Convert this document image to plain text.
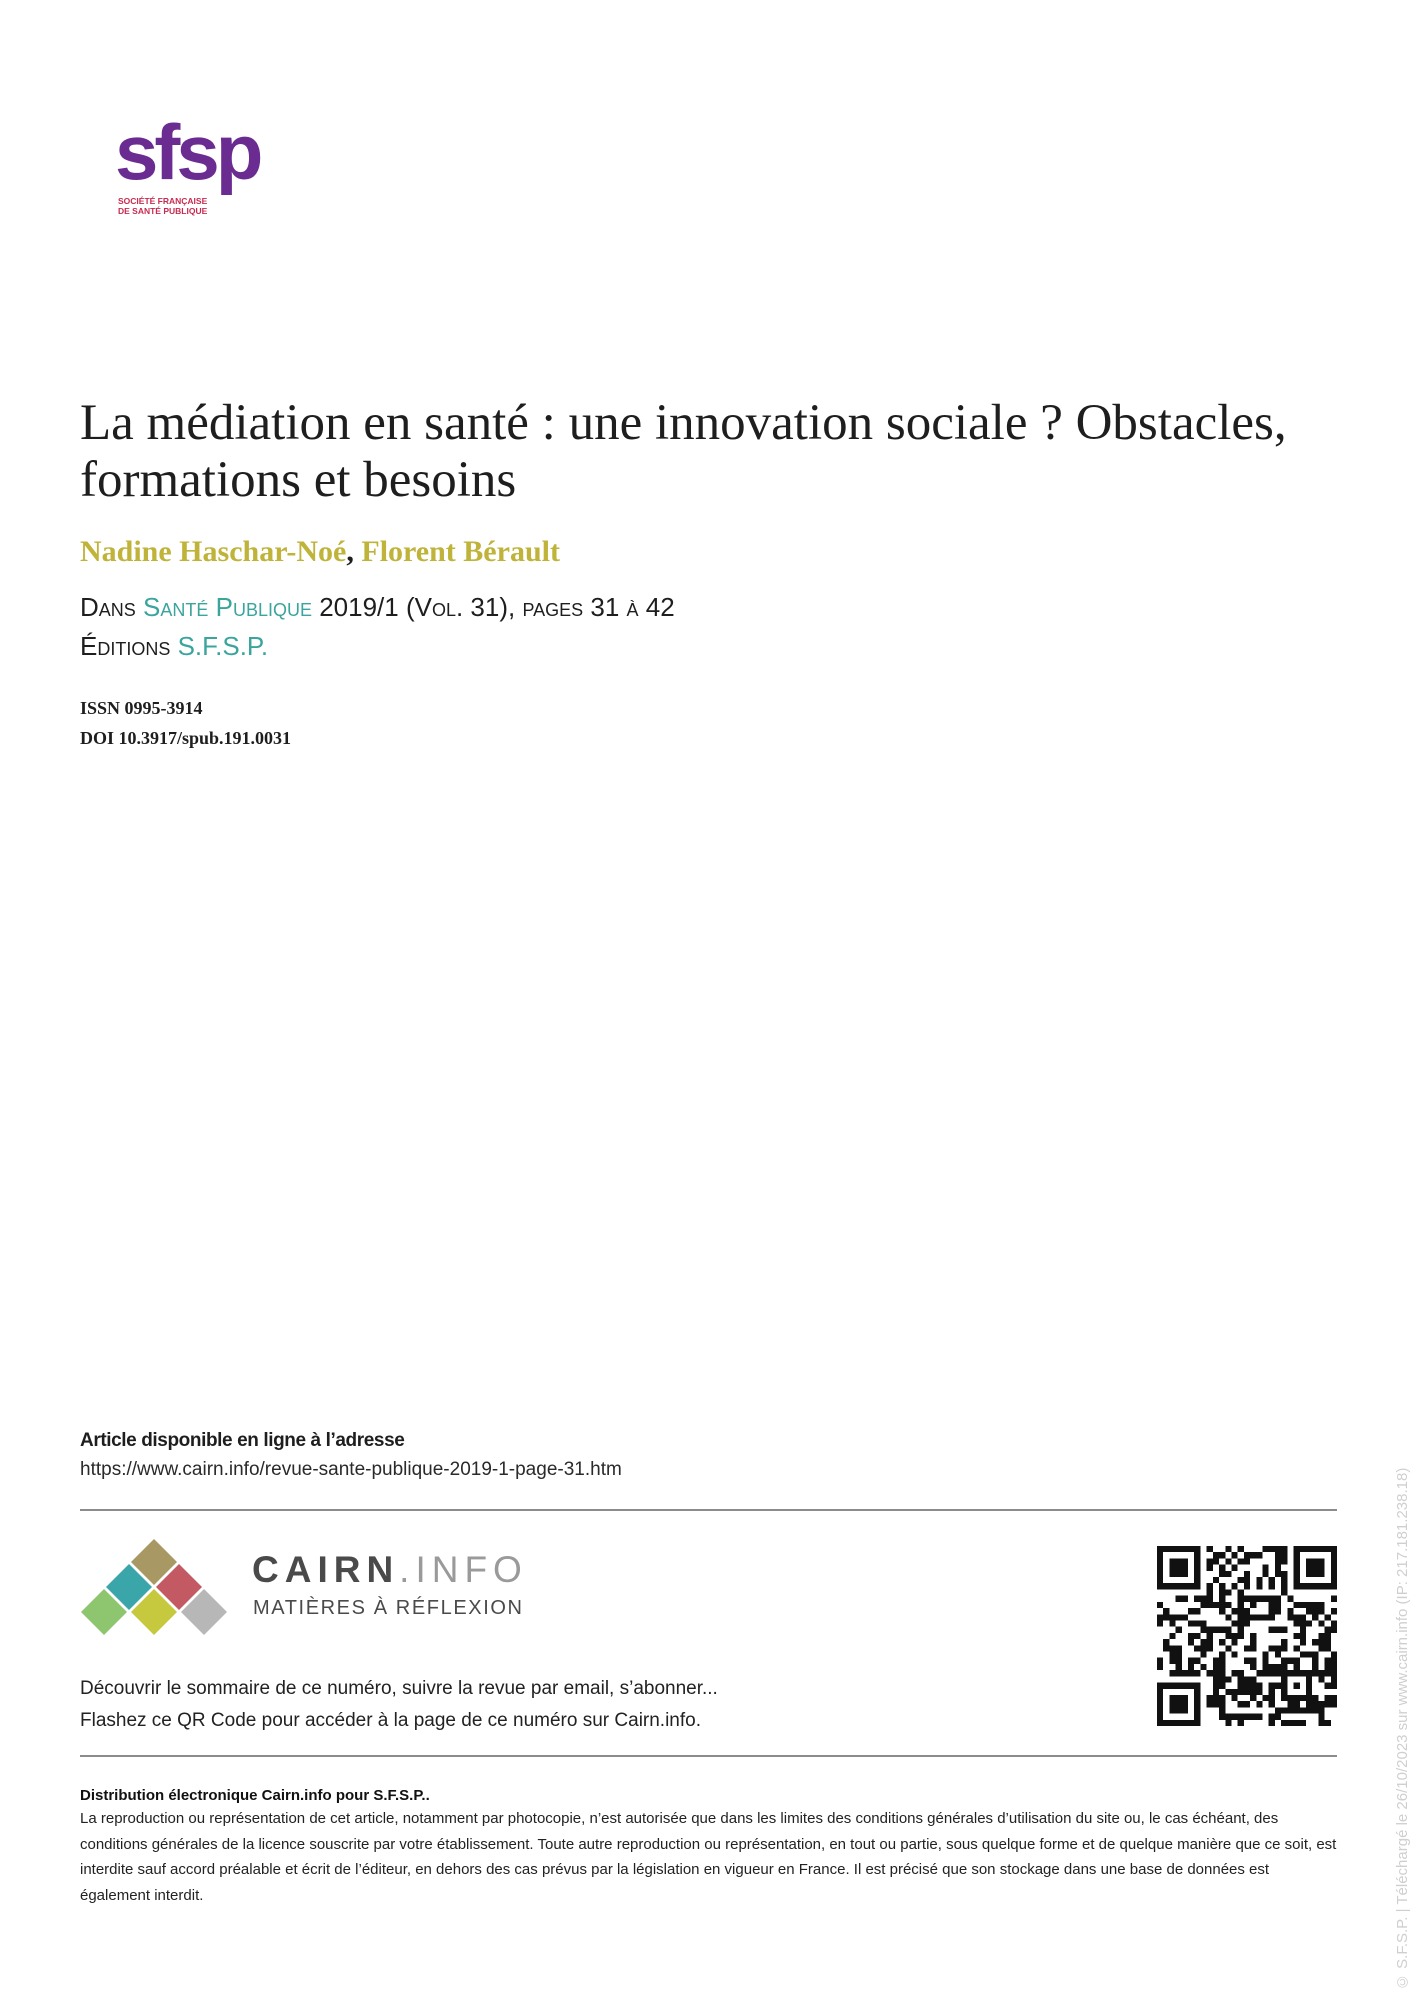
sfsp
SOCIÉTÉ FRANÇAISE
DE SANTÉ PUBLIQUE
La médiation en santé : une innovation sociale ? Obstacles, formations et besoins
Nadine Haschar-Noé, Florent Bérault
Dans Santé Publique 2019/1 (Vol. 31), pages 31 à 42
Éditions S.F.S.P.
ISSN 0995-3914
DOI 10.3917/spub.191.0031
Article disponible en ligne à l’adresse
https://www.cairn.info/revue-sante-publique-2019-1-page-31.htm
CAIRN.INFO
MATIÈRES À RÉFLEXION
Découvrir le sommaire de ce numéro, suivre la revue par email, s’abonner...
Flashez ce QR Code pour accéder à la page de ce numéro sur Cairn.info.
Distribution électronique Cairn.info pour S.F.S.P..

La reproduction ou représentation de cet article, notamment par photocopie, n’est autorisée que dans les limites des conditions générales d’utilisation du site ou, le cas échéant, des conditions générales de la licence souscrite par votre établissement. Toute autre reproduction ou représentation, en tout ou partie, sous quelque forme et de quelque manière que ce soit, est interdite sauf accord préalable et écrit de l’éditeur, en dehors des cas prévus par la législation en vigueur en France. Il est précisé que son stockage dans une base de données est également interdit.	© S.F.S.P. | Téléchargé le 26/10/2023 sur www.cairn.info (IP: 217.181.238.18)
